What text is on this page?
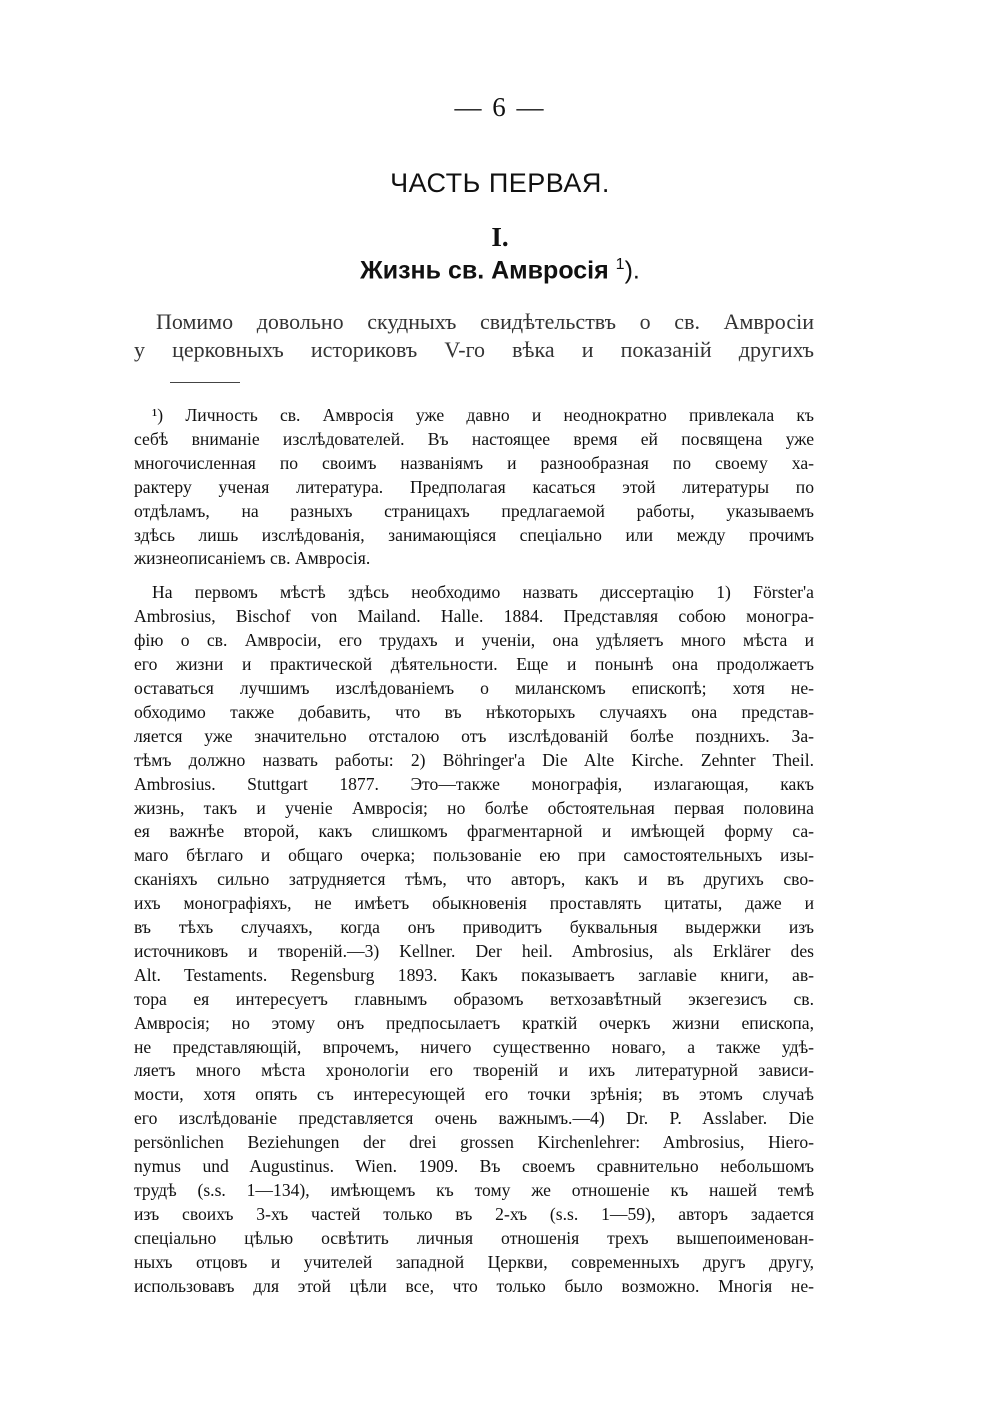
— 6 —
ЧАСТЬ ПЕРВАЯ.
I.
Жизнь св. Амвросія $^1$).
Помимо довольно скудныхъ свидѣтельствъ о св. Амвросіи
у церковныхъ историковъ V-го вѣка и показаній другихъ
¹) Личность св. Амвросія уже давно и неоднократно привлекала къ
себѣ вниманіе изслѣдователей. Въ настоящее время ей посвящена уже
многочисленная по своимъ названіямъ и разнообразная по своему ха-
рактеру ученая литература. Предполагая касаться этой литературы по
отдѣламъ, на разныхъ страницахъ предлагаемой работы, указываемъ
здѣсь лишь изслѣдованія, занимающіяся спеціально или между прочимъ
жизнеописаніемъ св. Амвросія.
На первомъ мѣстѣ здѣсь необходимо назвать диссертацію 1) Förster'a
Ambrosius, Bischof von Mailand. Halle. 1884. Представляя собою моногра-
фію о св. Амвросіи, его трудахъ и ученіи, она удѣляетъ много мѣста и
его жизни и практической дѣятельности. Еще и понынѣ она продолжаетъ
оставаться лучшимъ изслѣдованіемъ о миланскомъ епископѣ; хотя не-
обходимо также добавить, что въ нѣкоторыхъ случаяхъ она представ-
ляется уже значительно отсталою отъ изслѣдованій болѣе позднихъ. За-
тѣмъ должно назвать работы: 2) Böhringer'a Die Alte Kirche. Zehnter Theil.
Ambrosius. Stuttgart 1877. Это—также монографія, излагающая, какъ
жизнь, такъ и ученіе Амвросія; но болѣе обстоятельная первая половина
ея важнѣе второй, какъ слишкомъ фрагментарной и имѣющей форму са-
маго бѣглаго и общаго очерка; пользованіе ею при самостоятельныхъ изы-
сканіяхъ сильно затрудняется тѣмъ, что авторъ, какъ и въ другихъ сво-
ихъ монографіяхъ, не имѣетъ обыкновенія проставлять цитаты, даже и
въ тѣхъ случаяхъ, когда онъ приводитъ буквальныя выдержки изъ
источниковъ и твореній.—3) Kellner. Der heil. Ambrosius, als Erklärer des
Alt. Testaments. Regensburg 1893. Какъ показываетъ заглавіе книги, ав-
тора ея интересуетъ главнымъ образомъ ветхозавѣтный экзегезисъ св.
Амвросія; но этому онъ предпосылаетъ краткій очеркъ жизни епископа,
не представляющій, впрочемъ, ничего существенно новаго, а также удѣ-
ляетъ много мѣста хронологіи его твореній и ихъ литературной зависи-
мости, хотя опять съ интересующей его точки зрѣнія; въ этомъ случаѣ
его изслѣдованіе представляется очень важнымъ.—4) Dr. P. Asslaber. Die
persönlichen Beziehungen der drei grossen Kirchenlehrer: Ambrosius, Hiero-
nymus und Augustinus. Wien. 1909. Въ своемъ сравнительно небольшомъ
трудѣ (s.s. 1—134), имѣющемъ къ тому же отношеніе къ нашей темѣ
изъ своихъ 3-хъ частей только въ 2-хъ (s.s. 1—59), авторъ задается
спеціально цѣлью освѣтить личныя отношенія трехъ вышепоименован-
ныхъ отцовъ и учителей западной Церкви, современныхъ другъ другу,
использовавъ для этой цѣли все, что только было возможно. Многія не-
